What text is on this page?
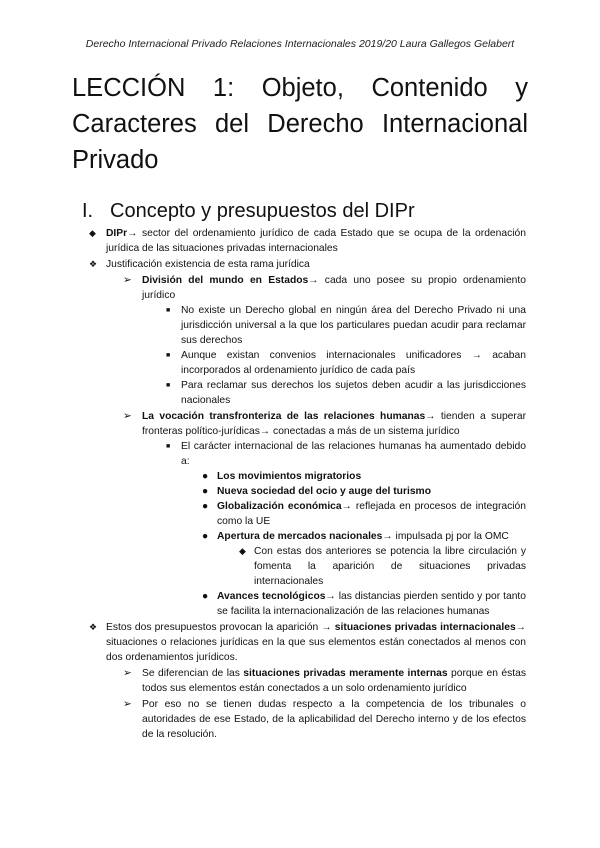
Derecho Internacional Privado Relaciones Internacionales 2019/20 Laura Gallegos Gelabert
LECCIÓN 1: Objeto, Contenido y Caracteres del Derecho Internacional Privado
I. Concepto y presupuestos del DIPr
◆ DIPr→ sector del ordenamiento jurídico de cada Estado que se ocupa de la ordenación jurídica de las situaciones privadas internacionales
❖ Justificación existencia de esta rama jurídica
➢ División del mundo en Estados→ cada uno posee su propio ordenamiento jurídico
■ No existe un Derecho global en ningún área del Derecho Privado ni una jurisdicción universal a la que los particulares puedan acudir para reclamar sus derechos
■ Aunque existan convenios internacionales unificadores → acaban incorporados al ordenamiento jurídico de cada país
■ Para reclamar sus derechos los sujetos deben acudir a las jurisdicciones nacionales
➢ La vocación transfronteriza de las relaciones humanas→ tienden a superar fronteras político-jurídicas→ conectadas a más de un sistema jurídico
■ El carácter internacional de las relaciones humanas ha aumentado debido a:
● Los movimientos migratorios
● Nueva sociedad del ocio y auge del turismo
● Globalización económica→ reflejada en procesos de integración como la UE
● Apertura de mercados nacionales→ impulsada pj por la OMC
◆ Con estas dos anteriores se potencia la libre circulación y fomenta la aparición de situaciones privadas internacionales
● Avances tecnológicos→ las distancias pierden sentido y por tanto se facilita la internacionalización de las relaciones humanas
❖ Estos dos presupuestos provocan la aparición → situaciones privadas internacionales→ situaciones o relaciones jurídicas en la que sus elementos están conectados al menos con dos ordenamientos jurídicos.
➢ Se diferencian de las situaciones privadas meramente internas porque en éstas todos sus elementos están conectados a un solo ordenamiento jurídico
➢ Por eso no se tienen dudas respecto a la competencia de los tribunales o autoridades de ese Estado, de la aplicabilidad del Derecho interno y de los efectos de la resolución.
